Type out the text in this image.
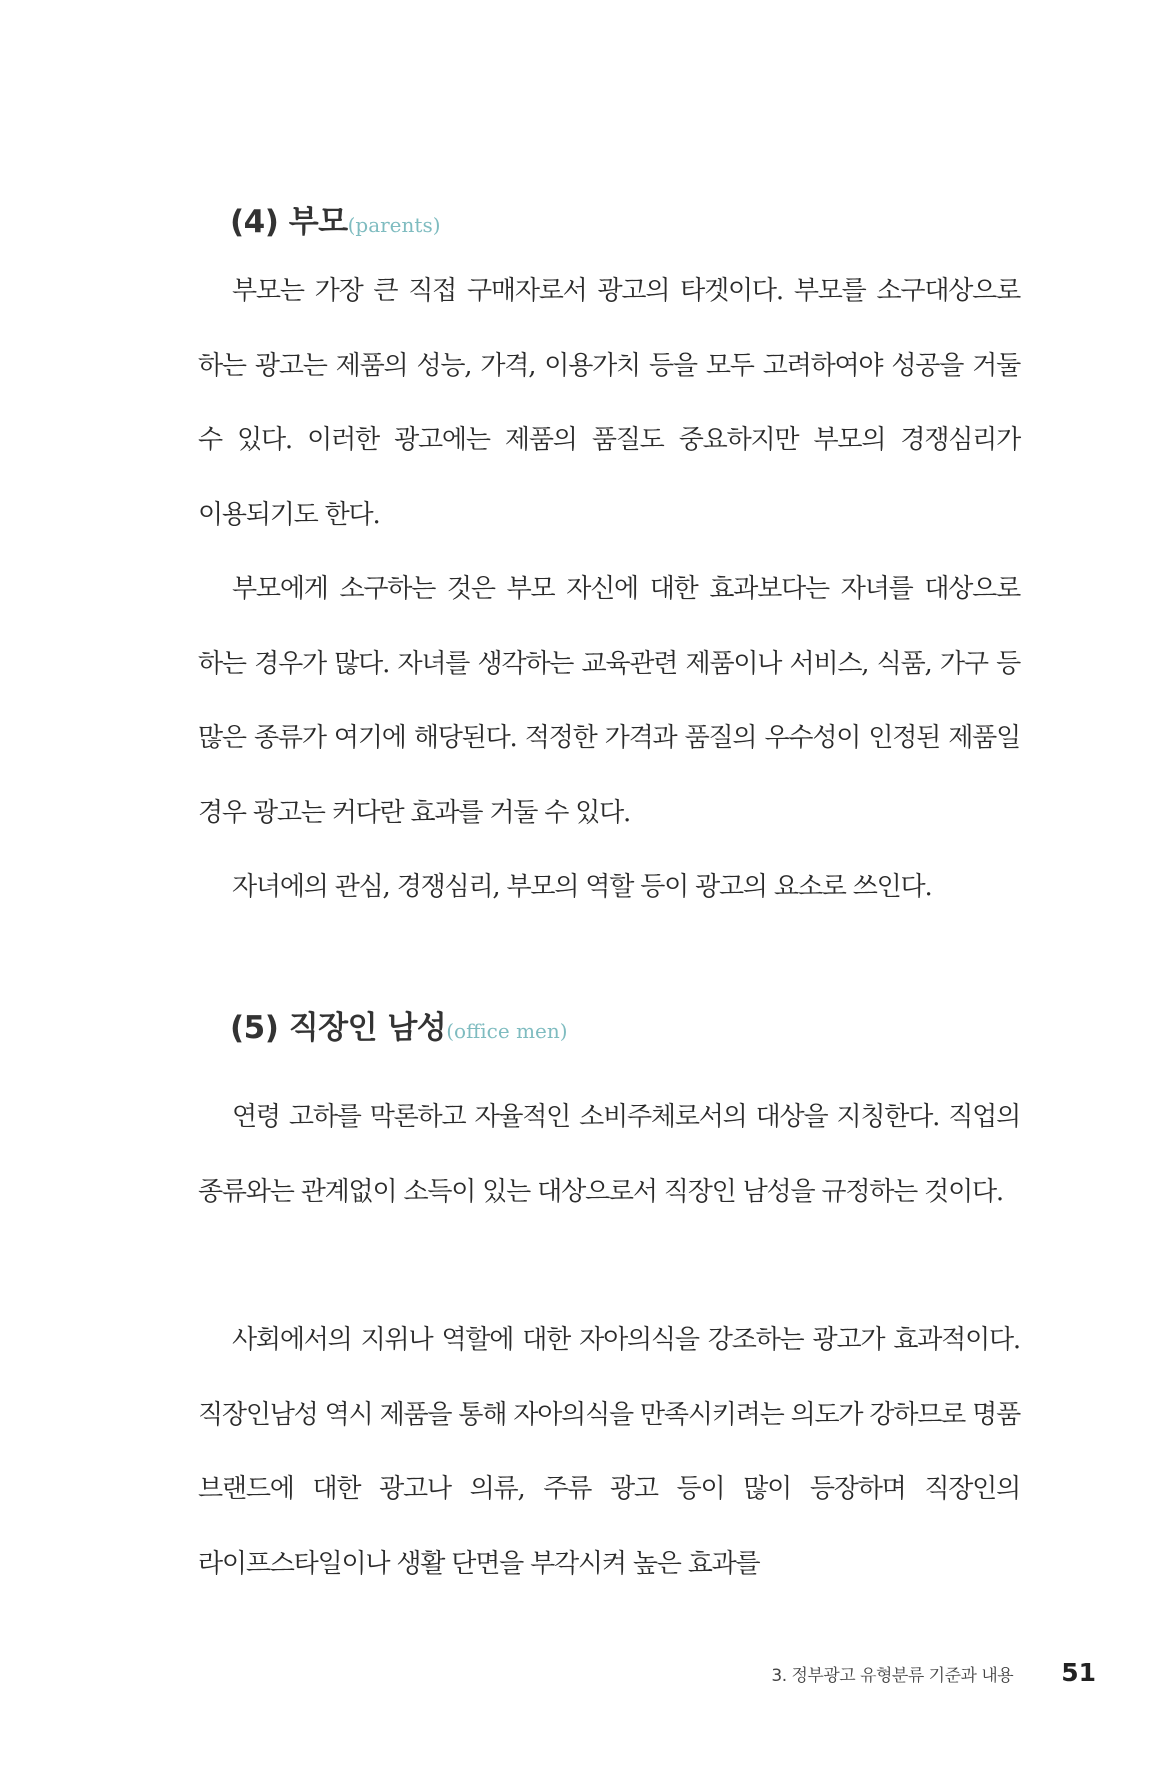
(4) 부모(parents)

부모는 가장 큰 직접 구매자로서 광고의 타겟이다. 부모를 소구대상으로 하는 광고는 제품의 성능, 가격, 이용가치 등을 모두 고려하여야 성공을 거둘 수 있다. 이러한 광고에는 제품의 품질도 중요하지만 부모의 경쟁심리가 이용되기도 한다.

부모에게 소구하는 것은 부모 자신에 대한 효과보다는 자녀를 대상으로 하는 경우가 많다. 자녀를 생각하는 교육관련 제품이나 서비스, 식품, 가구 등 많은 종류가 여기에 해당된다. 적정한 가격과 품질의 우수성이 인정된 제품일 경우 광고는 커다란 효과를 거둘 수 있다.

자녀에의 관심, 경쟁심리, 부모의 역할 등이 광고의 요소로 쓰인다.

(5) 직장인 남성(office men)

연령 고하를 막론하고 자율적인 소비주체로서의 대상을 지칭한다. 직업의 종류와는 관계없이 소득이 있는 대상으로서 직장인 남성을 규정하는 것이다.

사회에서의 지위나 역할에 대한 자아의식을 강조하는 광고가 효과적이다. 직장인남성 역시 제품을 통해 자아의식을 만족시키려는 의도가 강하므로 명품 브랜드에 대한 광고나 의류, 주류 광고 등이 많이 등장하며 직장인의 라이프스타일이나 생활 단면을 부각시켜 높은 효과를

3. 정부광고 유형분류 기준과 내용 51
